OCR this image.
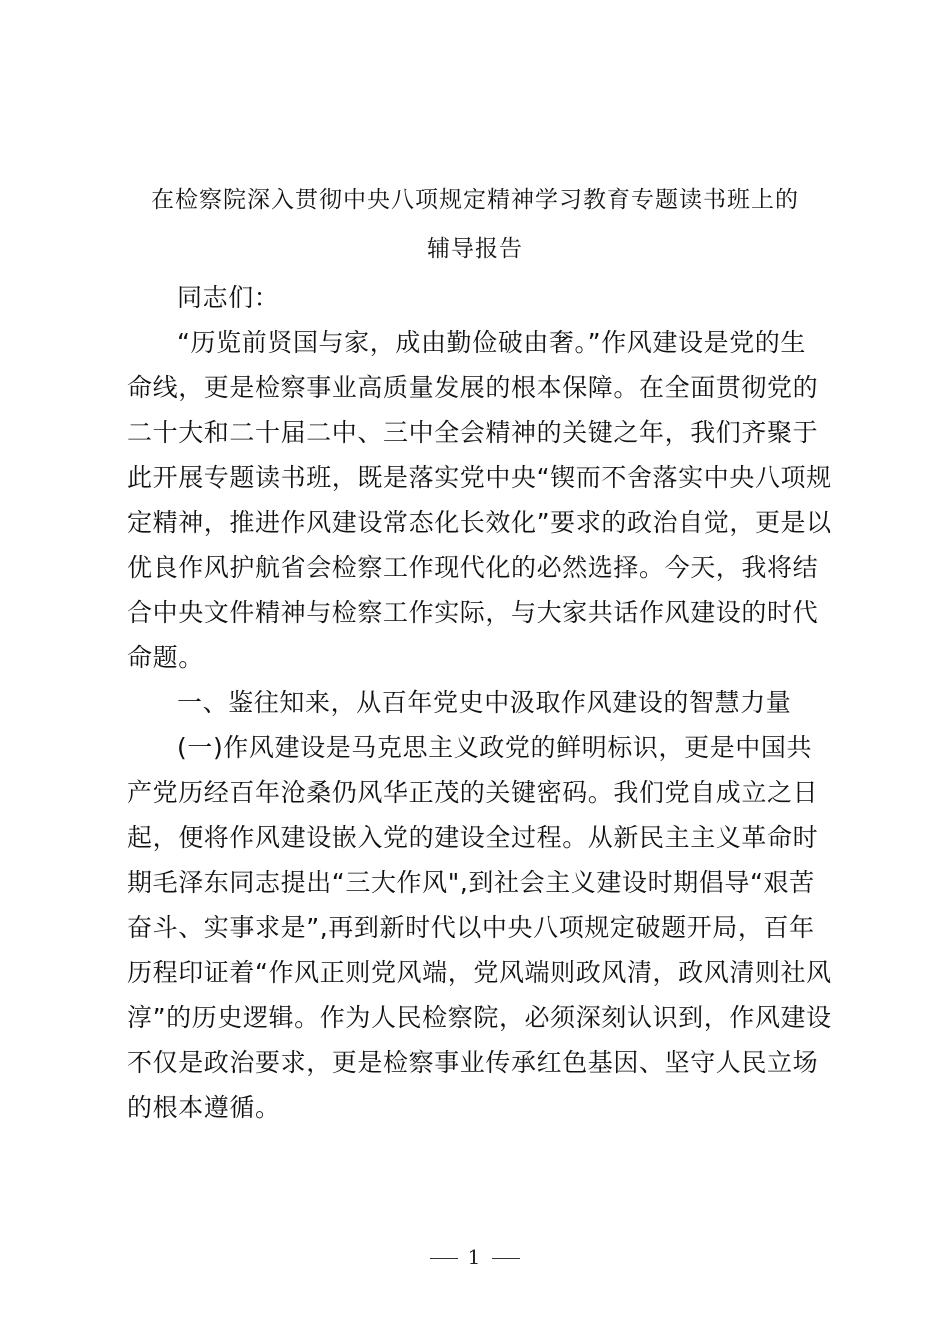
在检察院深入贯彻中央八项规定精神学习教育专题读书班上的
辅导报告
同志们：
“历览前贤国与家，成由勤俭破由奢。”作风建设是党的生
命线，更是检察事业高质量发展的根本保障。在全面贯彻党的
二十大和二十届二中、三中全会精神的关键之年，我们齐聚于
此开展专题读书班，既是落实党中央“锲而不舍落实中央八项规
定精神，推进作风建设常态化长效化”要求的政治自觉，更是以
优良作风护航省会检察工作现代化的必然选择。今天，我将结
合中央文件精神与检察工作实际，与大家共话作风建设的时代
命题。
一、鉴往知来，从百年党史中汲取作风建设的智慧力量
(一)作风建设是马克思主义政党的鲜明标识，更是中国共
产党历经百年沧桑仍风华正茂的关键密码。我们党自成立之日
起，便将作风建设嵌入党的建设全过程。从新民主主义革命时
期毛泽东同志提出“三大作风",到社会主义建设时期倡导“艰苦
奋斗、实事求是”,再到新时代以中央八项规定破题开局，百年
历程印证着“作风正则党风端，党风端则政风清，政风清则社风
淳”的历史逻辑。作为人民检察院，必须深刻认识到，作风建设
不仅是政治要求，更是检察事业传承红色基因、坚守人民立场
的根本遵循。
1
